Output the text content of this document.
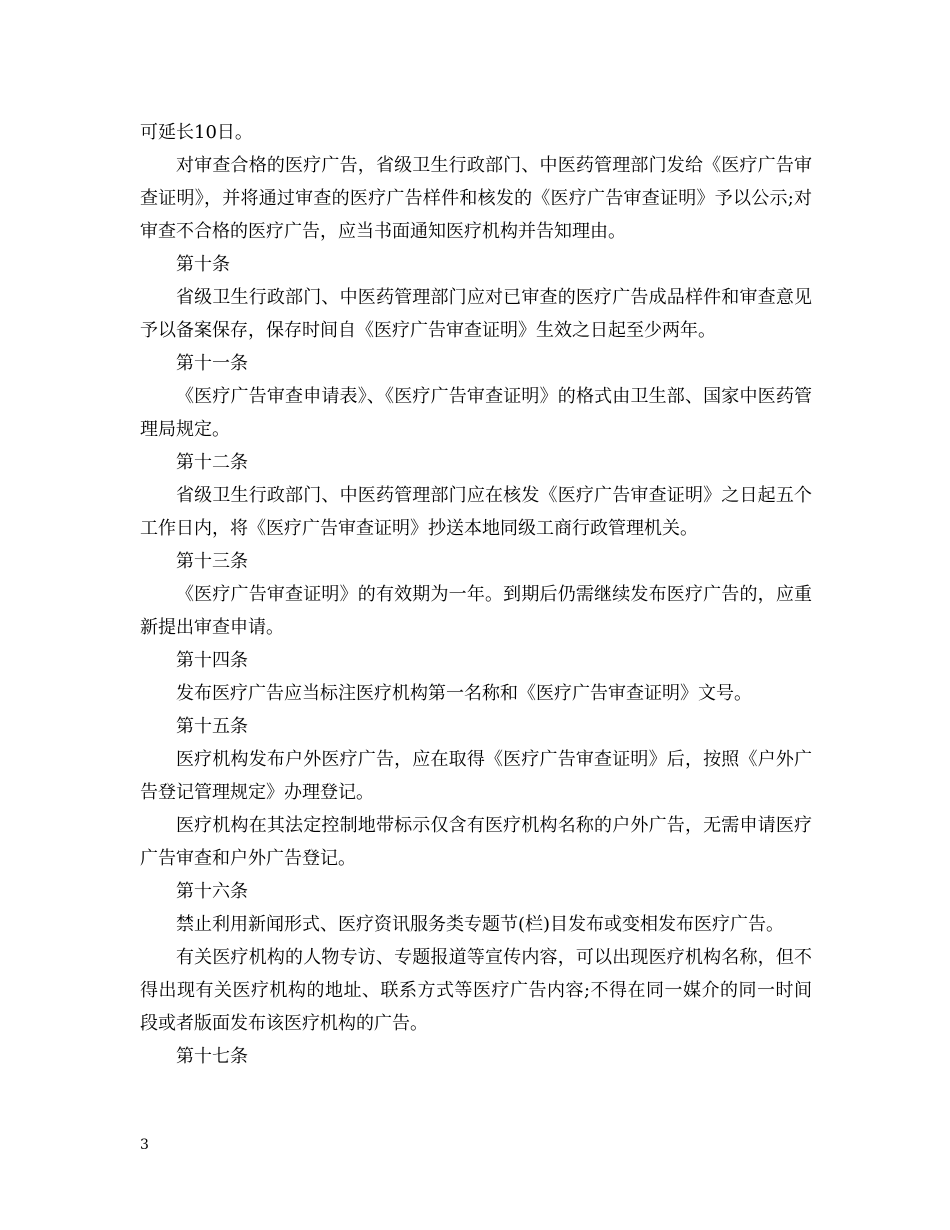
可延长10日。

对审查合格的医疗广告，省级卫生行政部门、中医药管理部门发给《医疗广告审查证明》，并将通过审查的医疗广告样件和核发的《医疗广告审查证明》予以公示;对审查不合格的医疗广告，应当书面通知医疗机构并告知理由。

第十条

省级卫生行政部门、中医药管理部门应对已审查的医疗广告成品样件和审查意见予以备案保存，保存时间自《医疗广告审查证明》生效之日起至少两年。

第十一条

《医疗广告审查申请表》、《医疗广告审查证明》的格式由卫生部、国家中医药管理局规定。

第十二条

省级卫生行政部门、中医药管理部门应在核发《医疗广告审查证明》之日起五个工作日内，将《医疗广告审查证明》抄送本地同级工商行政管理机关。

第十三条

《医疗广告审查证明》的有效期为一年。到期后仍需继续发布医疗广告的，应重新提出审查申请。

第十四条

发布医疗广告应当标注医疗机构第一名称和《医疗广告审查证明》文号。

第十五条

医疗机构发布户外医疗广告，应在取得《医疗广告审查证明》后，按照《户外广告登记管理规定》办理登记。

医疗机构在其法定控制地带标示仅含有医疗机构名称的户外广告，无需申请医疗广告审查和户外广告登记。

第十六条

禁止利用新闻形式、医疗资讯服务类专题节(栏)目发布或变相发布医疗广告。

有关医疗机构的人物专访、专题报道等宣传内容，可以出现医疗机构名称，但不得出现有关医疗机构的地址、联系方式等医疗广告内容;不得在同一媒介的同一时间段或者版面发布该医疗机构的广告。

第十七条

3
